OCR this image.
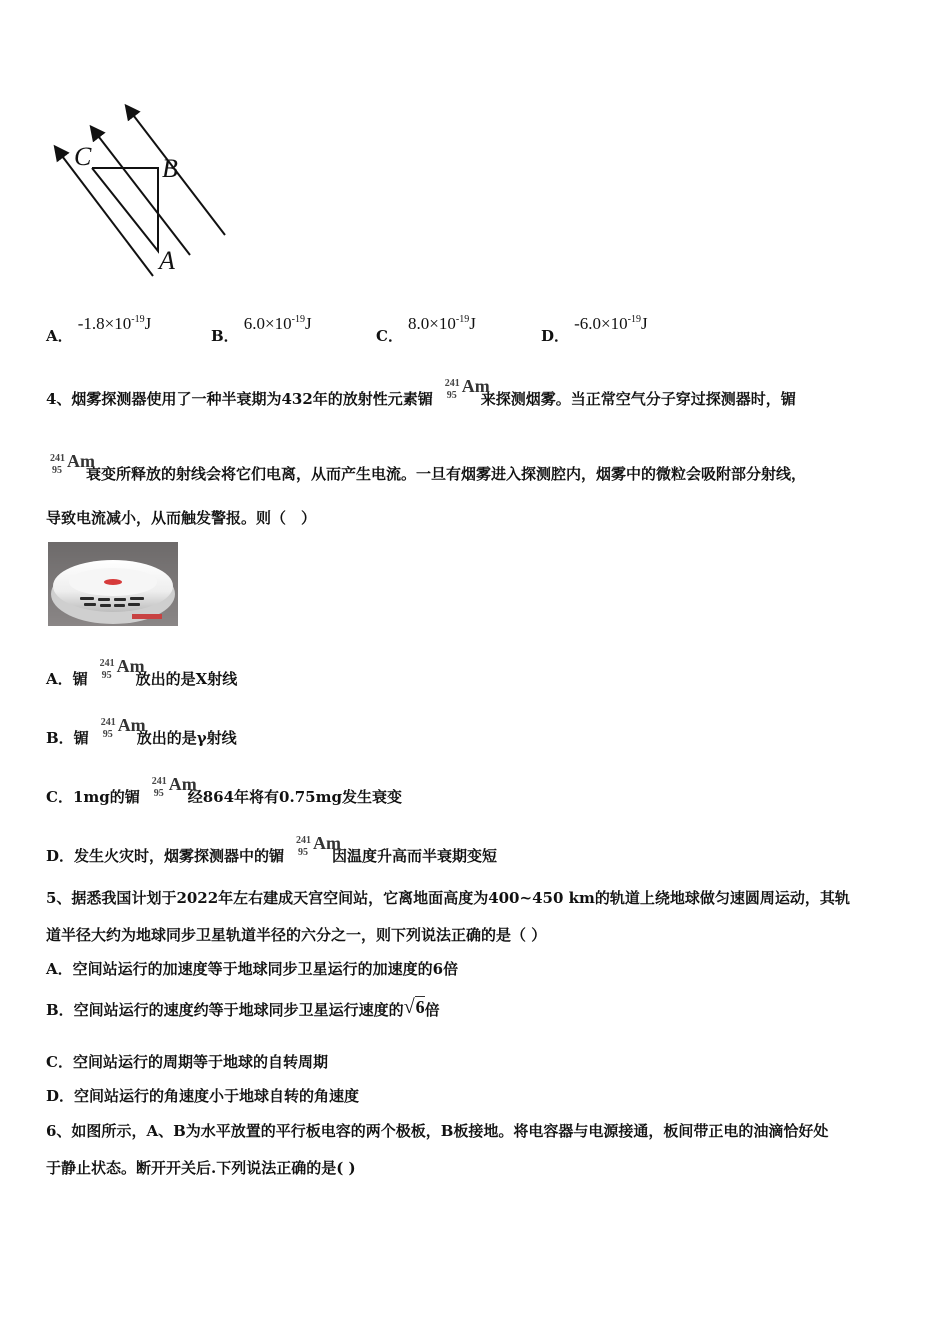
C	B
A
A． $-1.8\times 10^{-19}J$
B． $6.0\times 10^{-19}J$
C． $8.0\times 10^{-19}J$
D． $-6.0\times 10^{-19}J$
4、烟雾探测器使用了一种半衰期为432年的放射性元素镅
241
95 Am
来探测烟雾。当正常空气分子穿过探测器时，镅
241
95 Am
衰变所释放的射线会将它们电离，从而产生电流。一旦有烟雾进入探测腔内，烟雾中的微粒会吸附部分射线，
导致电流减小，从而触发警报。则（　）
A．镅
241
95 Am
放出的是X射线
B．镅
241
95 Am
放出的是γ射线
C．1mg的镅
241
95 Am
经864年将有0.75mg发生衰变
D．发生火灾时，烟雾探测器中的镅
241
95 Am
因温度升高而半衰期变短
5、据悉我国计划于2022年左右建成天宫空间站，它离地面高度为400~450 km的轨道上绕地球做匀速圆周运动，其轨
道半径大约为地球同步卫星轨道半径的六分之一，则下列说法正确的是（ ）
A．空间站运行的加速度等于地球同步卫星运行的加速度的6倍
B．空间站运行的速度约等于地球同步卫星运行速度的√6倍
C．空间站运行的周期等于地球的自转周期
D．空间站运行的角速度小于地球自转的角速度
6、如图所示，A、B为水平放置的平行板电容的两个极板，B板接地。将电容器与电源接通，板间带正电的油滴恰好处
于静止状态。断开开关后.下列说法正确的是( )
